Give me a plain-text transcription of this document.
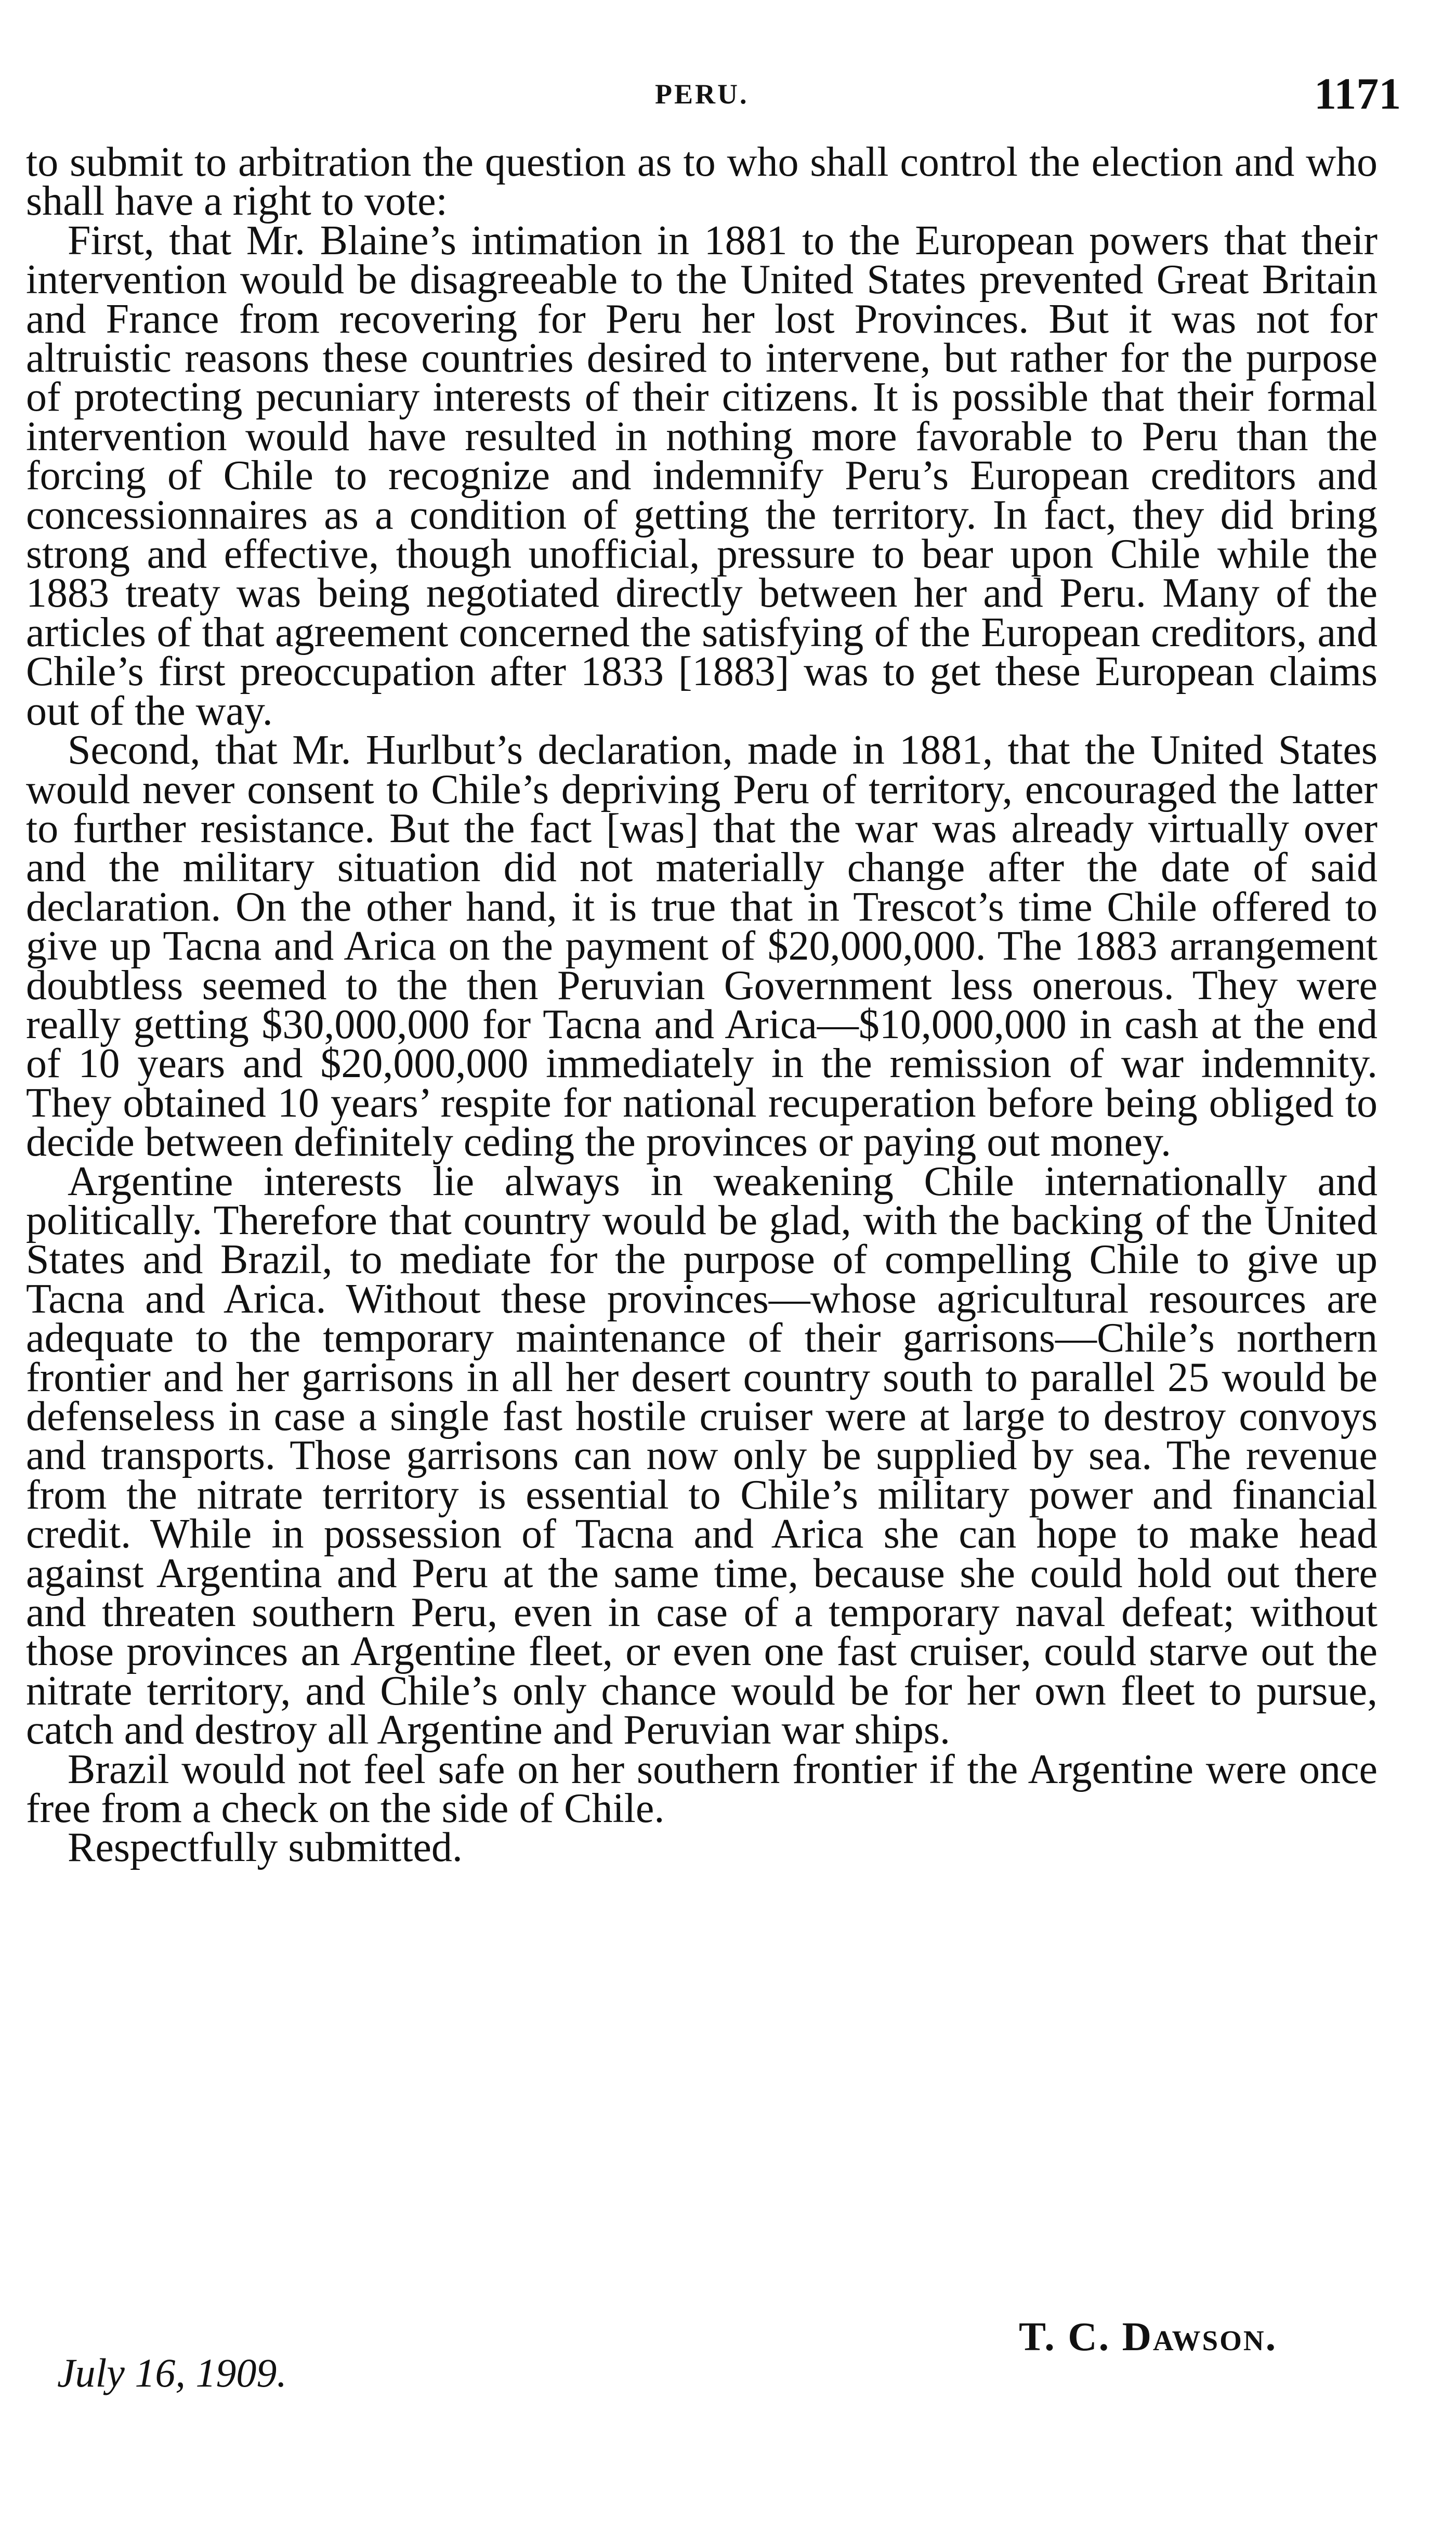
PERU.	1171

to submit to arbitration the question as to who shall control the election and who shall have a right to vote:

First, that Mr. Blaine’s intimation in 1881 to the European powers that their intervention would be disagreeable to the United States prevented Great Britain and France from recovering for Peru her lost Provinces. But it was not for altruistic reasons these countries desired to intervene, but rather for the purpose of protecting pecuniary interests of their citizens. It is possible that their formal intervention would have resulted in nothing more favorable to Peru than the forcing of Chile to recognize and indemnify Peru’s European creditors and concessionnaires as a condition of getting the territory. In fact, they did bring strong and effective, though unofficial, pressure to bear upon Chile while the 1883 treaty was being negotiated directly between her and Peru. Many of the articles of that agreement concerned the satisfying of the European creditors, and Chile’s first preoccupation after 1833 [1883] was to get these European claims out of the way.

Second, that Mr. Hurlbut’s declaration, made in 1881, that the United States would never consent to Chile’s depriving Peru of territory, encouraged the latter to further resistance. But the fact [was] that the war was already virtually over and the military situation did not materially change after the date of said declaration. On the other hand, it is true that in Trescot’s time Chile offered to give up Tacna and Arica on the payment of $20,000,000. The 1883 arrangement doubtless seemed to the then Peruvian Government less onerous. They were really getting $30,000,000 for Tacna and Arica—$10,000,000 in cash at the end of 10 years and $20,000,000 immediately in the remission of war indemnity. They obtained 10 years’ respite for national recuperation before being obliged to decide between definitely ceding the provinces or paying out money.

Argentine interests lie always in weakening Chile internationally and politically. Therefore that country would be glad, with the backing of the United States and Brazil, to mediate for the purpose of compelling Chile to give up Tacna and Arica. Without these provinces—whose agricultural resources are adequate to the temporary maintenance of their garrisons—Chile’s northern frontier and her garrisons in all her desert country south to parallel 25 would be defenseless in case a single fast hostile cruiser were at large to destroy convoys and transports. Those garrisons can now only be supplied by sea. The revenue from the nitrate territory is essential to Chile’s military power and financial credit. While in possession of Tacna and Arica she can hope to make head against Argentina and Peru at the same time, because she could hold out there and threaten southern Peru, even in case of a temporary naval defeat; without those provinces an Argentine fleet, or even one fast cruiser, could starve out the nitrate territory, and Chile’s only chance would be for her own fleet to pursue, catch and destroy all Argentine and Peruvian war ships.

Brazil would not feel safe on her southern frontier if the Argentine were once free from a check on the side of Chile.

Respectfully submitted.

T. C. Dawson.
July 16, 1909.
